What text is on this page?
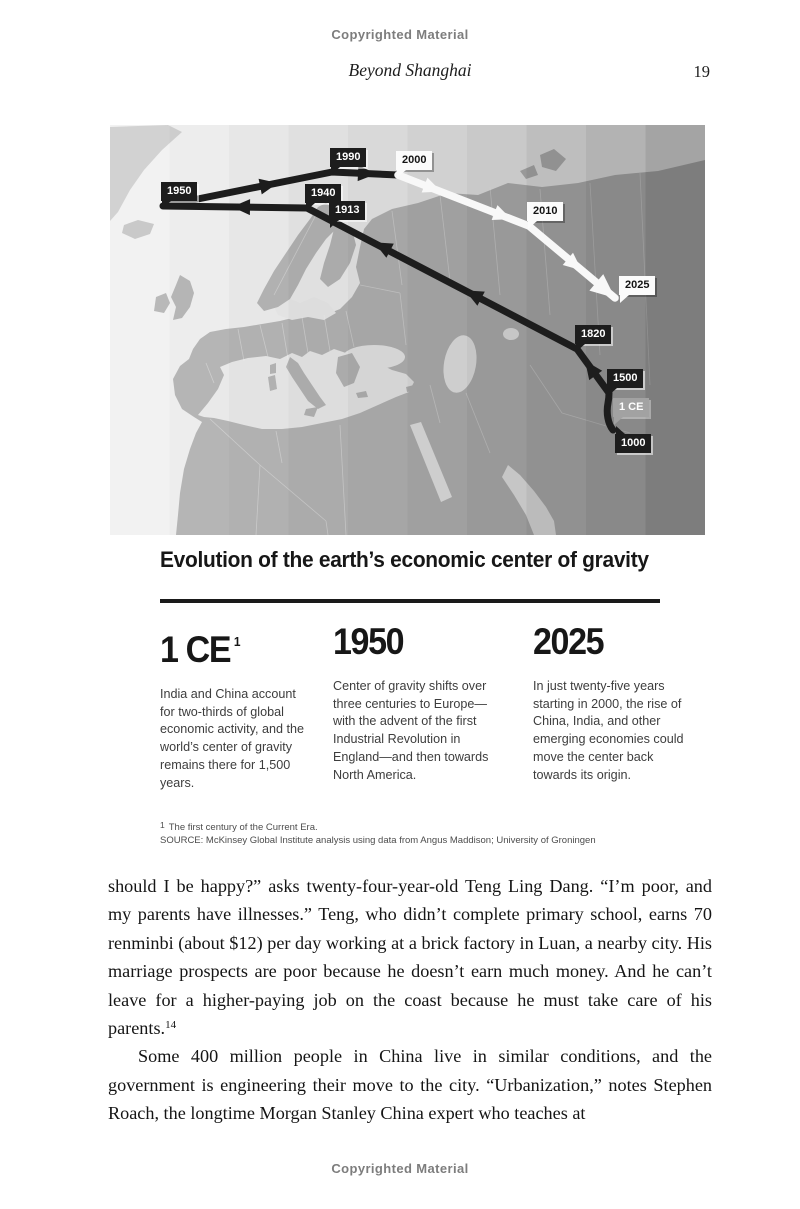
Copyrighted Material
Beyond Shanghai	19
1950
1990	2000
1940
1913	2010
2025
1820
1500
1 CE
1000
Evolution of the earth’s economic center of gravity
1 CE $^1$

India and China account for two-thirds of global economic activity, and the world’s center of gravity remains there for 1,500 years.

1950

Center of gravity shifts over three centuries to Europe—with the advent of the first Industrial Revolution in England—and then towards North America.

2025

In just twenty-five years starting in 2000, the rise of China, India, and other emerging economies could move the center back towards its origin.

1 The first century of the Current Era.
SOURCE: McKinsey Global Institute analysis using data from Angus Maddison; University of Groningen

should I be happy?” asks twenty-four-year-old Teng Ling Dang. “I’m poor, and my parents have illnesses.” Teng, who didn’t complete primary school, earns 70 renminbi (about $12) per day working at a brick factory in Luan, a nearby city. His marriage prospects are poor because he doesn’t earn much money. And he can’t leave for a higher-paying job on the coast because he must take care of his parents.$^{14}$

Some 400 million people in China live in similar conditions, and the government is engineering their move to the city. “Urbanization,” notes Stephen Roach, the longtime Morgan Stanley China expert who teaches at

Copyrighted Material
